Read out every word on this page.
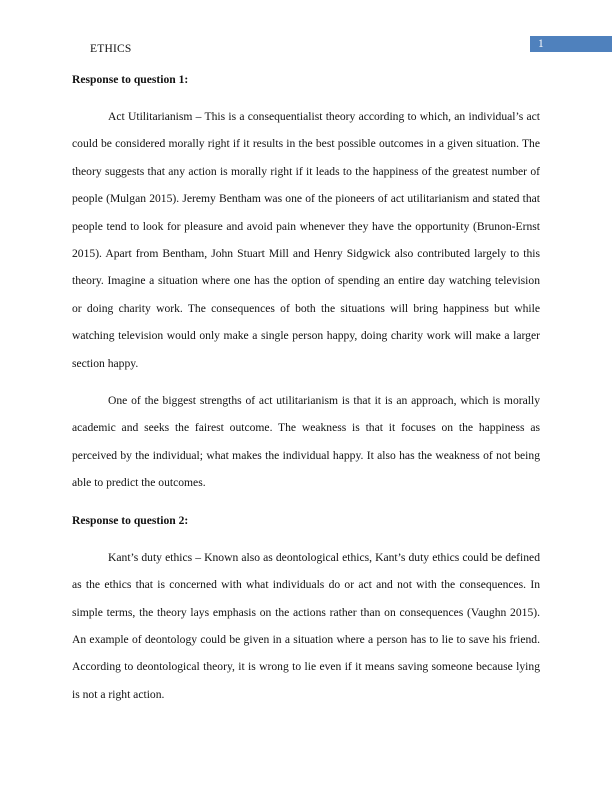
1
ETHICS

Response to question 1:

Act Utilitarianism – This is a consequentialist theory according to which, an individual’s act could be considered morally right if it results in the best possible outcomes in a given situation. The theory suggests that any action is morally right if it leads to the happiness of the greatest number of people (Mulgan 2015). Jeremy Bentham was one of the pioneers of act utilitarianism and stated that people tend to look for pleasure and avoid pain whenever they have the opportunity (Brunon-Ernst 2015). Apart from Bentham, John Stuart Mill and Henry Sidgwick also contributed largely to this theory. Imagine a situation where one has the option of spending an entire day watching television or doing charity work. The consequences of both the situations will bring happiness but while watching television would only make a single person happy, doing charity work will make a larger section happy.

One of the biggest strengths of act utilitarianism is that it is an approach, which is morally academic and seeks the fairest outcome. The weakness is that it focuses on the happiness as perceived by the individual; what makes the individual happy. It also has the weakness of not being able to predict the outcomes.

Response to question 2:

Kant’s duty ethics – Known also as deontological ethics, Kant’s duty ethics could be defined as the ethics that is concerned with what individuals do or act and not with the consequences. In simple terms, the theory lays emphasis on the actions rather than on consequences (Vaughn 2015). An example of deontology could be given in a situation where a person has to lie to save his friend. According to deontological theory, it is wrong to lie even if it means saving someone because lying is not a right action.
